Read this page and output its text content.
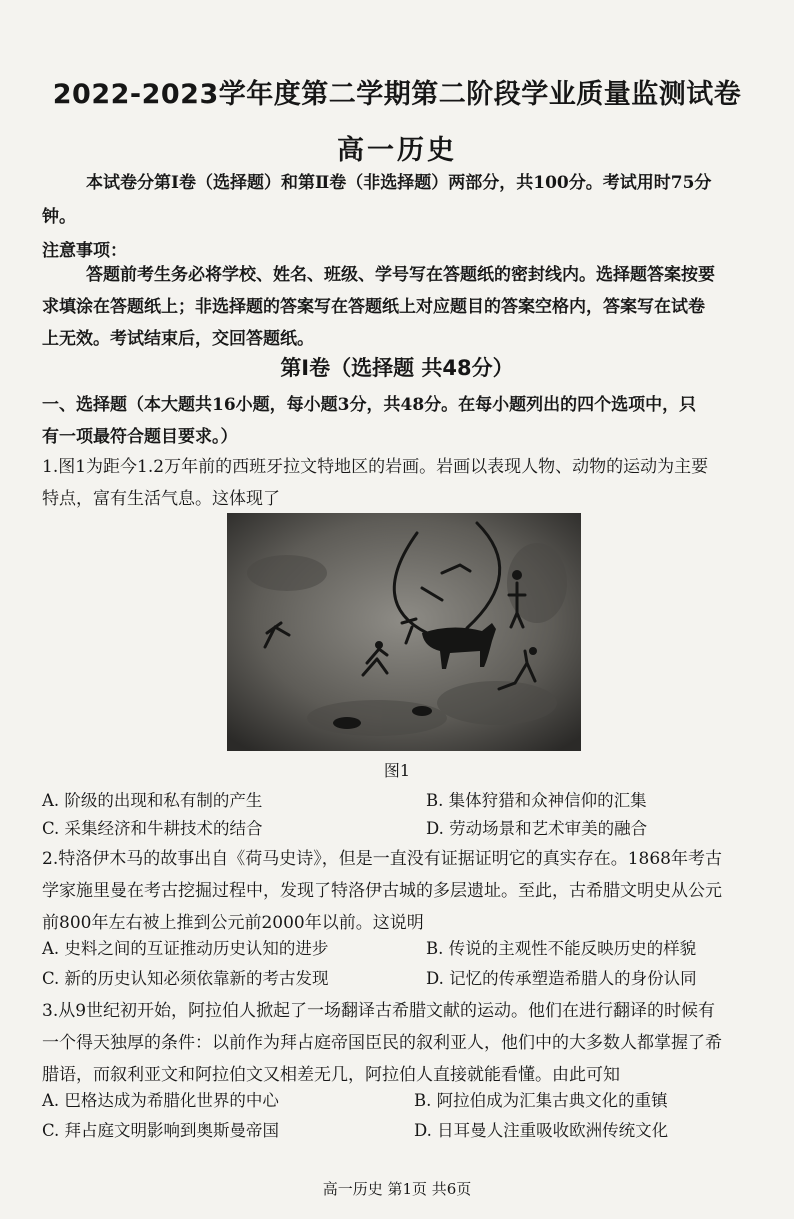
2022-2023学年度第二学期第二阶段学业质量监测试卷
高一历史
本试卷分第Ⅰ卷（选择题）和第Ⅱ卷（非选择题）两部分，共100分。考试用时75分
钟。
注意事项：
答题前考生务必将学校、姓名、班级、学号写在答题纸的密封线内。选择题答案按要
求填涂在答题纸上；非选择题的答案写在答题纸上对应题目的答案空格内，答案写在试卷
上无效。考试结束后，交回答题纸。
第Ⅰ卷（选择题 共48分）
一、选择题（本大题共16小题，每小题3分，共48分。在每小题列出的四个选项中，只
有一项最符合题目要求。）
1.图1为距今1.2万年前的西班牙拉文特地区的岩画。岩画以表现人物、动物的运动为主要
特点，富有生活气息。这体现了
图1
A. 阶级的出现和私有制的产生	B. 集体狩猎和众神信仰的汇集
C. 采集经济和牛耕技术的结合	D. 劳动场景和艺术审美的融合
2.特洛伊木马的故事出自《荷马史诗》，但是一直没有证据证明它的真实存在。1868年考古
学家施里曼在考古挖掘过程中，发现了特洛伊古城的多层遗址。至此，古希腊文明史从公元
前800年左右被上推到公元前2000年以前。这说明
A. 史料之间的互证推动历史认知的进步	B. 传说的主观性不能反映历史的样貌
C. 新的历史认知必须依靠新的考古发现	D. 记忆的传承塑造希腊人的身份认同
3.从9世纪初开始，阿拉伯人掀起了一场翻译古希腊文献的运动。他们在进行翻译的时候有
一个得天独厚的条件：以前作为拜占庭帝国臣民的叙利亚人，他们中的大多数人都掌握了希
腊语，而叙利亚文和阿拉伯文又相差无几，阿拉伯人直接就能看懂。由此可知
A. 巴格达成为希腊化世界的中心	B. 阿拉伯成为汇集古典文化的重镇
C. 拜占庭文明影响到奥斯曼帝国	D. 日耳曼人注重吸收欧洲传统文化
高一历史 第1页 共6页
